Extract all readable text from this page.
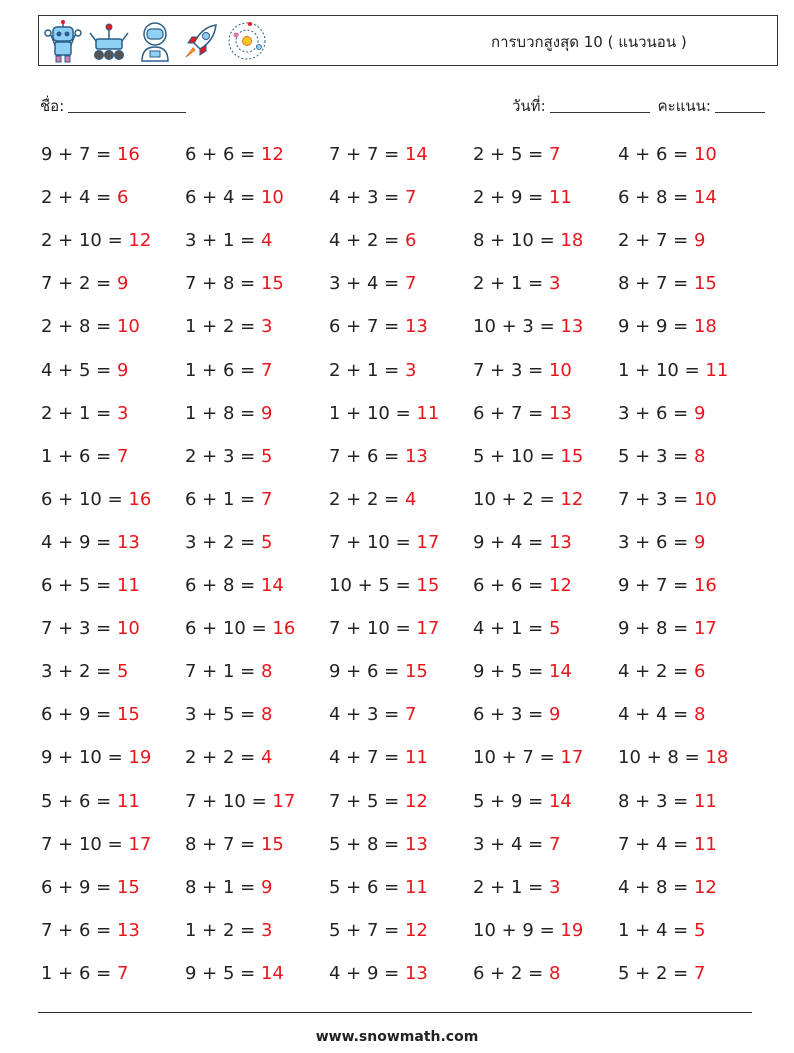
การบวกสูงสุด 10 ( แนวนอน )
ชื่อ:	วันที่:	คะแนน:
9 + 7 = 16	6 + 6 = 12	7 + 7 = 14	2 + 5 = 7	4 + 6 = 10
2 + 4 = 6	6 + 4 = 10	4 + 3 = 7	2 + 9 = 11	6 + 8 = 14
2 + 10 = 12 3 + 1 = 4	4 + 2 = 6	8 + 10 = 18 2 + 7 = 9
7 + 2 = 9	7 + 8 = 15	3 + 4 = 7	2 + 1 = 3	8 + 7 = 15
2 + 8 = 10	1 + 2 = 3	6 + 7 = 13	10 + 3 = 13 9 + 9 = 18
4 + 5 = 9	1 + 6 = 7	2 + 1 = 3	7 + 3 = 10	1 + 10 = 11
2 + 1 = 3	1 + 8 = 9	1 + 10 = 11 6 + 7 = 13	3 + 6 = 9
1 + 6 = 7	2 + 3 = 5	7 + 6 = 13	5 + 10 = 15 5 + 3 = 8
6 + 10 = 16 6 + 1 = 7	2 + 2 = 4	10 + 2 = 12 7 + 3 = 10
4 + 9 = 13	3 + 2 = 5	7 + 10 = 17 9 + 4 = 13	3 + 6 = 9
6 + 5 = 11	6 + 8 = 14	10 + 5 = 15 6 + 6 = 12	9 + 7 = 16
7 + 3 = 10	6 + 10 = 16 7 + 10 = 17 4 + 1 = 5	9 + 8 = 17
3 + 2 = 5	7 + 1 = 8	9 + 6 = 15	9 + 5 = 14	4 + 2 = 6
6 + 9 = 15	3 + 5 = 8	4 + 3 = 7	6 + 3 = 9	4 + 4 = 8
9 + 10 = 19 2 + 2 = 4	4 + 7 = 11	10 + 7 = 17 10 + 8 = 18
5 + 6 = 11	7 + 10 = 17 7 + 5 = 12	5 + 9 = 14	8 + 3 = 11
7 + 10 = 17 8 + 7 = 15	5 + 8 = 13	3 + 4 = 7	7 + 4 = 11
6 + 9 = 15	8 + 1 = 9	5 + 6 = 11	2 + 1 = 3	4 + 8 = 12
7 + 6 = 13	1 + 2 = 3	5 + 7 = 12	10 + 9 = 19 1 + 4 = 5
1 + 6 = 7	9 + 5 = 14	4 + 9 = 13	6 + 2 = 8	5 + 2 = 7
www.snowmath.com
